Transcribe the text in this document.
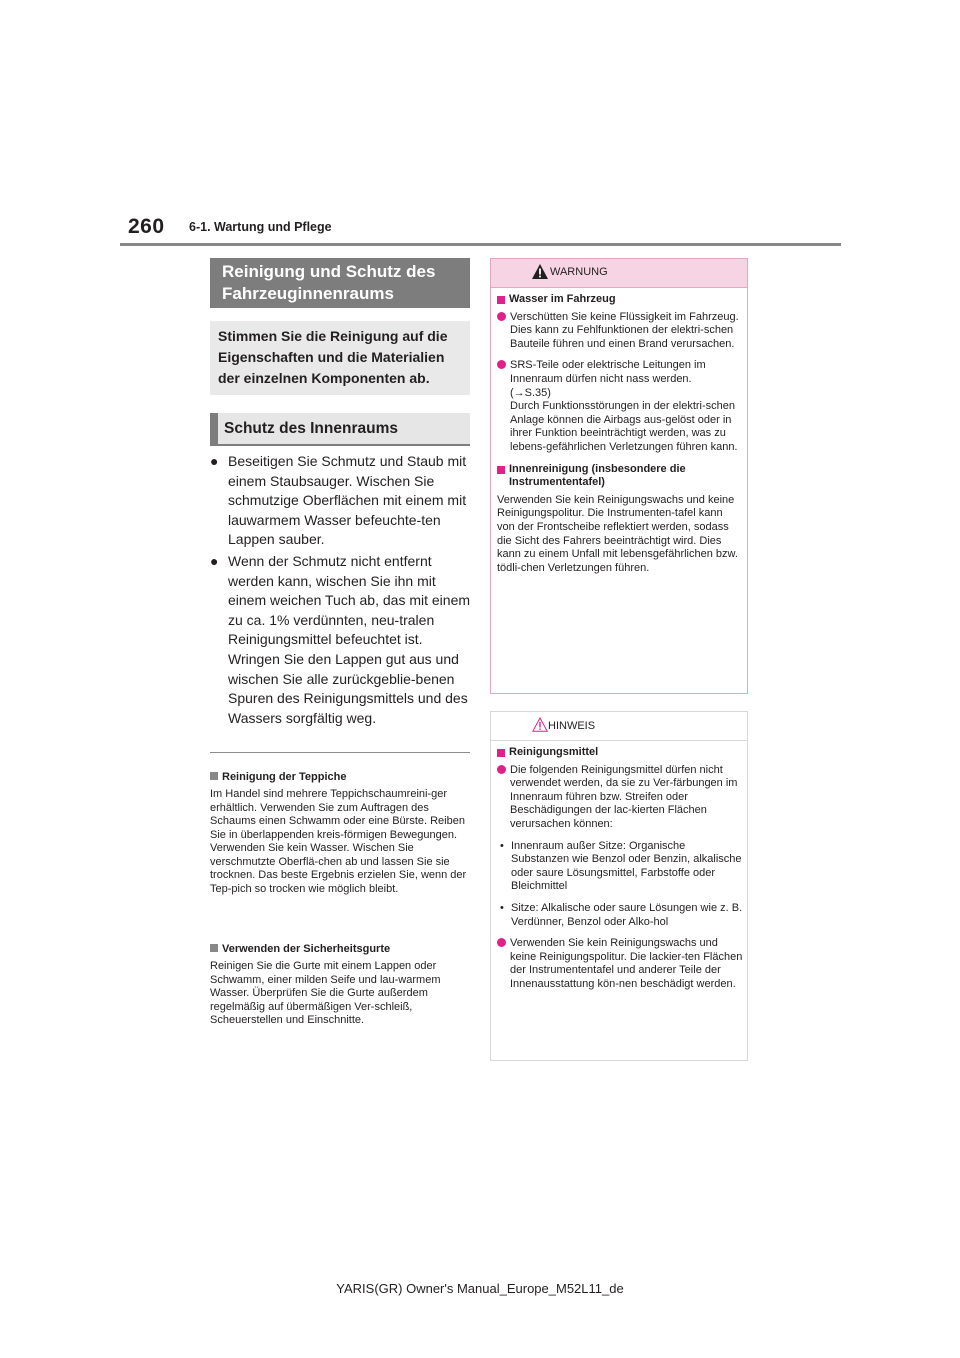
260 6-1. Wartung und Pflege
Reinigung und Schutz des Fahrzeuginnenraums
Stimmen Sie die Reinigung auf die Eigenschaften und die Materialien der einzelnen Komponenten ab.
Schutz des Innenraums
● Beseitigen Sie Schmutz und Staub mit einem Staubsauger. Wischen Sie schmutzige Oberflächen mit einem mit lauwarmem Wasser befeuchte-ten Lappen sauber.

● Wenn der Schmutz nicht entfernt werden kann, wischen Sie ihn mit einem weichen Tuch ab, das mit einem zu ca. 1% verdünnten, neu-tralen Reinigungsmittel befeuchtet ist.

Wringen Sie den Lappen gut aus und wischen Sie alle zurückgeblie-benen Spuren des Reinigungsmittels und des Wassers sorgfältig weg.

Reinigung der Teppiche

Im Handel sind mehrere Teppichschaumreini-ger erhältlich. Verwenden Sie zum Auftragen des Schaums einen Schwamm oder eine Bürste. Reiben Sie in überlappenden kreis-förmigen Bewegungen. Verwenden Sie kein Wasser. Wischen Sie verschmutzte Oberflä-chen ab und lassen Sie sie trocknen. Das beste Ergebnis erzielen Sie, wenn der Tep-pich so trocken wie möglich bleibt.

Verwenden der Sicherheitsgurte

Reinigen Sie die Gurte mit einem Lappen oder Schwamm, einer milden Seife und lau-warmem Wasser. Überprüfen Sie die Gurte außerdem regelmäßig auf übermäßigen Ver-schleiß, Scheuerstellen und Einschnitte.

WARNUNG
Wasser im Fahrzeug
Verschütten Sie keine Flüssigkeit im Fahrzeug.
Dies kann zu Fehlfunktionen der elektri-schen Bauteile führen und einen Brand verursachen.
SRS-Teile oder elektrische Leitungen im Innenraum dürfen nicht nass werden.
(→S.35)
Durch Funktionsstörungen in der elektri-schen Anlage können die Airbags aus-gelöst oder in ihrer Funktion beeinträchtigt werden, was zu lebens-gefährlichen Verletzungen führen kann.
Innenreinigung (insbesondere die Instrumententafel)
Verwenden Sie kein Reinigungswachs und keine Reinigungspolitur. Die Instrumenten-tafel kann von der Frontscheibe reflektiert werden, sodass die Sicht des Fahrers beeinträchtigt wird. Dies kann zu einem Unfall mit lebensgefährlichen bzw. tödli-chen Verletzungen führen.
HINWEIS
Reinigungsmittel
Die folgenden Reinigungsmittel dürfen nicht verwendet werden, da sie zu Ver-färbungen im Innenraum führen bzw. Streifen oder Beschädigungen der lac-kierten Flächen verursachen können:
• Innenraum außer Sitze: Organische Substanzen wie Benzol oder Benzin, alkalische oder saure Lösungsmittel, Farbstoffe oder Bleichmittel
• Sitze: Alkalische oder saure Lösungen wie z. B. Verdünner, Benzol oder Alko-hol
Verwenden Sie kein Reinigungswachs und keine Reinigungspolitur. Die lackier-ten Flächen der Instrumententafel und anderer Teile der Innenausstattung kön-nen beschädigt werden.
YARIS(GR) Owner's Manual_Europe_M52L11_de
